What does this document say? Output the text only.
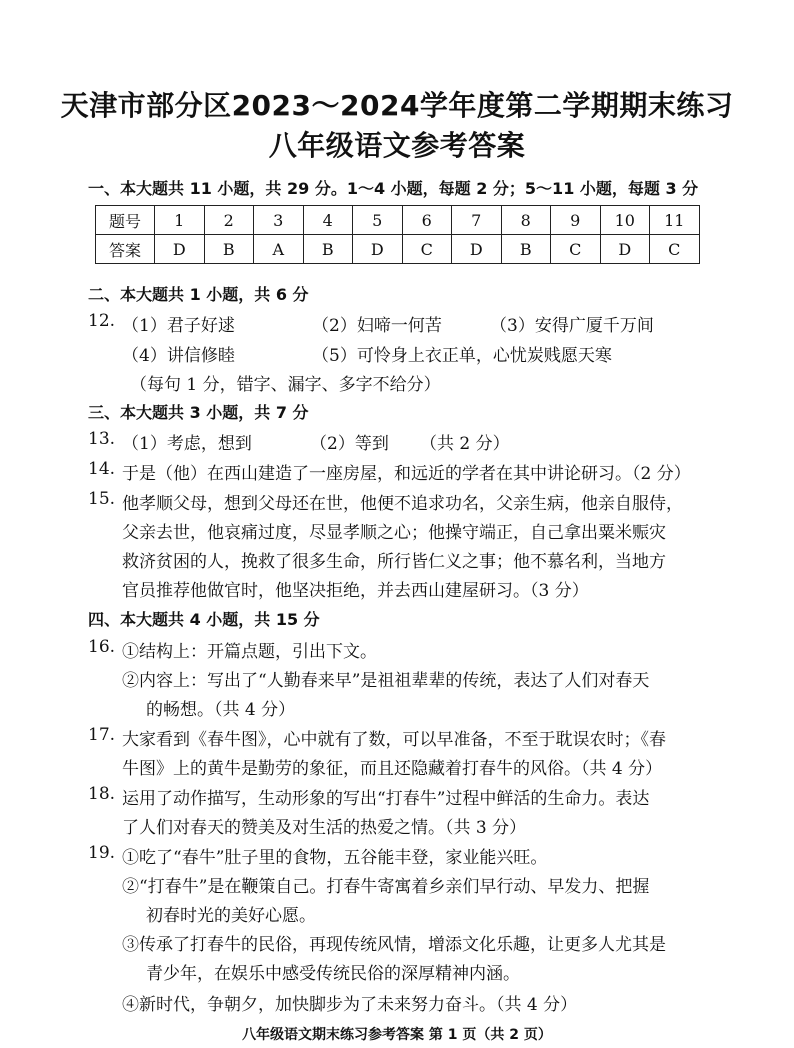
天津市部分区2023～2024学年度第二学期期末练习
八年级语文参考答案
一、本大题共 11 小题，共 29 分。1～4 小题，每题 2 分；5～11 小题，每题 3 分
题号	1	2	3	4	5	6	7	8	9	10	11
答案	D	B	A	B	D	C	D	B	C	D	C
二、本大题共 1 小题，共 6 分
12. （1）君子好逑	（2）妇啼一何苦	（3）安得广厦千万间
（4）讲信修睦	（5）可怜身上衣正单，心忧炭贱愿天寒
（每句 1 分，错字、漏字、多字不给分）
三、本大题共 3 小题，共 7 分
13. （1）考虑，想到	（2）等到 （共 2 分）
14. 于是（他）在西山建造了一座房屋，和远近的学者在其中讲论研习。（2 分）
15. 他孝顺父母，想到父母还在世，他便不追求功名，父亲生病，他亲自服侍，
父亲去世，他哀痛过度，尽显孝顺之心；他操守端正，自己拿出粟米赈灾
救济贫困的人，挽救了很多生命，所行皆仁义之事；他不慕名利，当地方
官员推荐他做官时，他坚决拒绝，并去西山建屋研习。（3 分）
四、本大题共 4 小题，共 15 分
16. ①结构上：开篇点题，引出下文。
②内容上：写出了“人勤春来早”是祖祖辈辈的传统，表达了人们对春天
的畅想。（共 4 分）
17. 大家看到《春牛图》，心中就有了数，可以早准备，不至于耽误农时；《春
牛图》上的黄牛是勤劳的象征，而且还隐藏着打春牛的风俗。（共 4 分）
18. 运用了动作描写，生动形象的写出“打春牛”过程中鲜活的生命力。表达
了人们对春天的赞美及对生活的热爱之情。（共 3 分）
19. ①吃了“春牛”肚子里的食物，五谷能丰登，家业能兴旺。
②“打春牛”是在鞭策自己。打春牛寄寓着乡亲们早行动、早发力、把握
初春时光的美好心愿。
③传承了打春牛的民俗，再现传统风情，增添文化乐趣，让更多人尤其是
青少年，在娱乐中感受传统民俗的深厚精神内涵。
④新时代，争朝夕，加快脚步为了未来努力奋斗。（共 4 分）
八年级语文期末练习参考答案 第 1 页（共 2 页）
